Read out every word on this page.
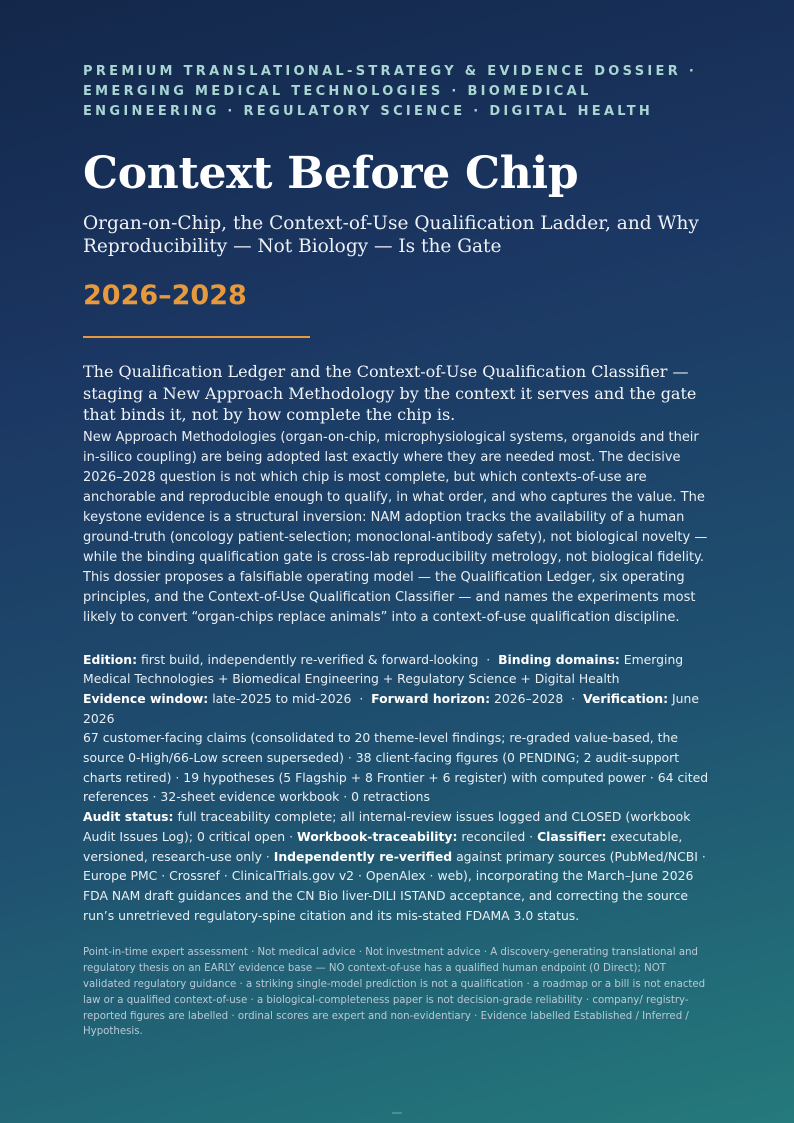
PREMIUM TRANSLATIONAL-STRATEGY & EVIDENCE DOSSIER · EMERGING MEDICAL TECHNOLOGIES · BIOMEDICAL ENGINEERING · REGULATORY SCIENCE · DIGITAL HEALTH
Context Before Chip
Organ-on-Chip, the Context-of-Use Qualification Ladder, and Why Reproducibility — Not Biology — Is the Gate
2026–2028
The Qualification Ledger and the Context-of-Use Qualification Classifier — staging a New Approach Methodology by the context it serves and the gate that binds it, not by how complete the chip is.
New Approach Methodologies (organ-on-chip, microphysiological systems, organoids and their in-silico coupling) are being adopted last exactly where they are needed most. The decisive 2026–2028 question is not which chip is most complete, but which contexts-of-use are anchorable and reproducible enough to qualify, in what order, and who captures the value. The keystone evidence is a structural inversion: NAM adoption tracks the availability of a human ground-truth (oncology patient-selection; monoclonal-antibody safety), not biological novelty — while the binding qualification gate is cross-lab reproducibility metrology, not biological fidelity. This dossier proposes a falsifiable operating model — the Qualification Ledger, six operating principles, and the Context-of-Use Qualification Classifier — and names the experiments most likely to convert “organ-chips replace animals” into a context-of-use qualification discipline.
Edition: first build, independently re-verified & forward-looking · Binding domains: Emerging Medical Technologies + Biomedical Engineering + Regulatory Science + Digital Health
Evidence window: late-2025 to mid-2026 · Forward horizon: 2026–2028 · Verification: June 2026
67 customer-facing claims (consolidated to 20 theme-level findings; re-graded value-based, the source 0-High/66-Low screen superseded) · 38 client-facing figures (0 PENDING; 2 audit-support charts retired) · 19 hypotheses (5 Flagship + 8 Frontier + 6 register) with computed power · 64 cited references · 32-sheet evidence workbook · 0 retractions
Audit status: full traceability complete; all internal-review issues logged and CLOSED (workbook Audit Issues Log); 0 critical open · Workbook-traceability: reconciled · Classifier: executable, versioned, research-use only · Independently re-verified against primary sources (PubMed/NCBI · Europe PMC · Crossref · ClinicalTrials.gov v2 · OpenAlex · web), incorporating the March–June 2026 FDA NAM draft guidances and the CN Bio liver-DILI ISTAND acceptance, and correcting the source run’s unretrieved regulatory-spine citation and its mis-stated FDAMA 3.0 status.
Point-in-time expert assessment · Not medical advice · Not investment advice · A discovery-generating translational and regulatory thesis on an EARLY evidence base — NO context-of-use has a qualified human endpoint (0 Direct); NOT validated regulatory guidance · a striking single-model prediction is not a qualification · a roadmap or a bill is not enacted law or a qualified context-of-use · a biological-completeness paper is not decision-grade reliability · company/ registry-reported figures are labelled · ordinal scores are expert and non-evidentiary · Evidence labelled Established / Inferred / Hypothesis.
